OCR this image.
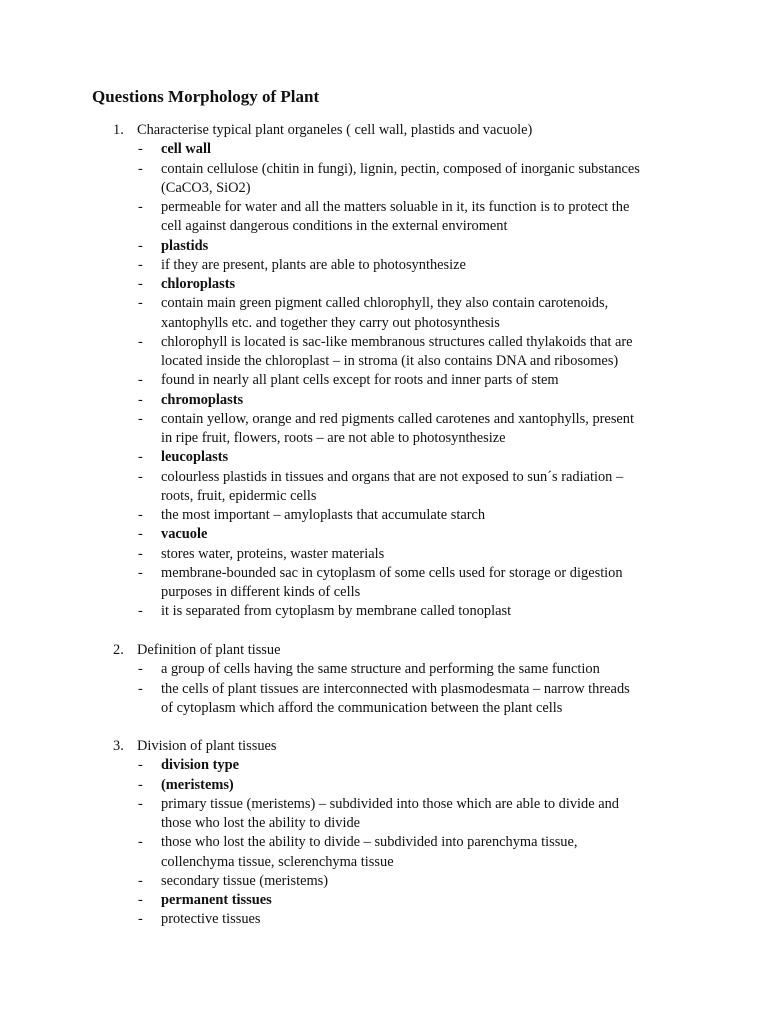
Questions Morphology of Plant
1. Characterise typical plant organeles ( cell wall, plastids and vacuole)
- cell wall
- contain cellulose (chitin in fungi), lignin, pectin, composed of inorganic substances
(CaCO3, SiO2)
- permeable for water and all the matters soluable in it, its function is to protect the
cell against dangerous conditions in the external enviroment
- plastids
- if they are present, plants are able to photosynthesize
- chloroplasts
- contain main green pigment called chlorophyll, they also contain carotenoids,
xantophylls etc. and together they carry out photosynthesis
- chlorophyll is located is sac-like membranous structures called thylakoids that are
located inside the chloroplast – in stroma (it also contains DNA and ribosomes)
- found in nearly all plant cells except for roots and inner parts of stem
- chromoplasts
- contain yellow, orange and red pigments called carotenes and xantophylls, present
in ripe fruit, flowers, roots – are not able to photosynthesize
- leucoplasts
- colourless plastids in tissues and organs that are not exposed to sun´s radiation –
roots, fruit, epidermic cells
- the most important – amyloplasts that accumulate starch
- vacuole
- stores water, proteins, waster materials
- membrane-bounded sac in cytoplasm of some cells used for storage or digestion
purposes in different kinds of cells
- it is separated from cytoplasm by membrane called tonoplast
2. Definition of plant tissue
- a group of cells having the same structure and performing the same function
- the cells of plant tissues are interconnected with plasmodesmata – narrow threads
of cytoplasm which afford the communication between the plant cells
3. Division of plant tissues
- division type
- (meristems)
- primary tissue (meristems) – subdivided into those which are able to divide and
those who lost the ability to divide
- those who lost the ability to divide – subdivided into parenchyma tissue,
collenchyma tissue, sclerenchyma tissue
- secondary tissue (meristems)
- permanent tissues
- protective tissues
